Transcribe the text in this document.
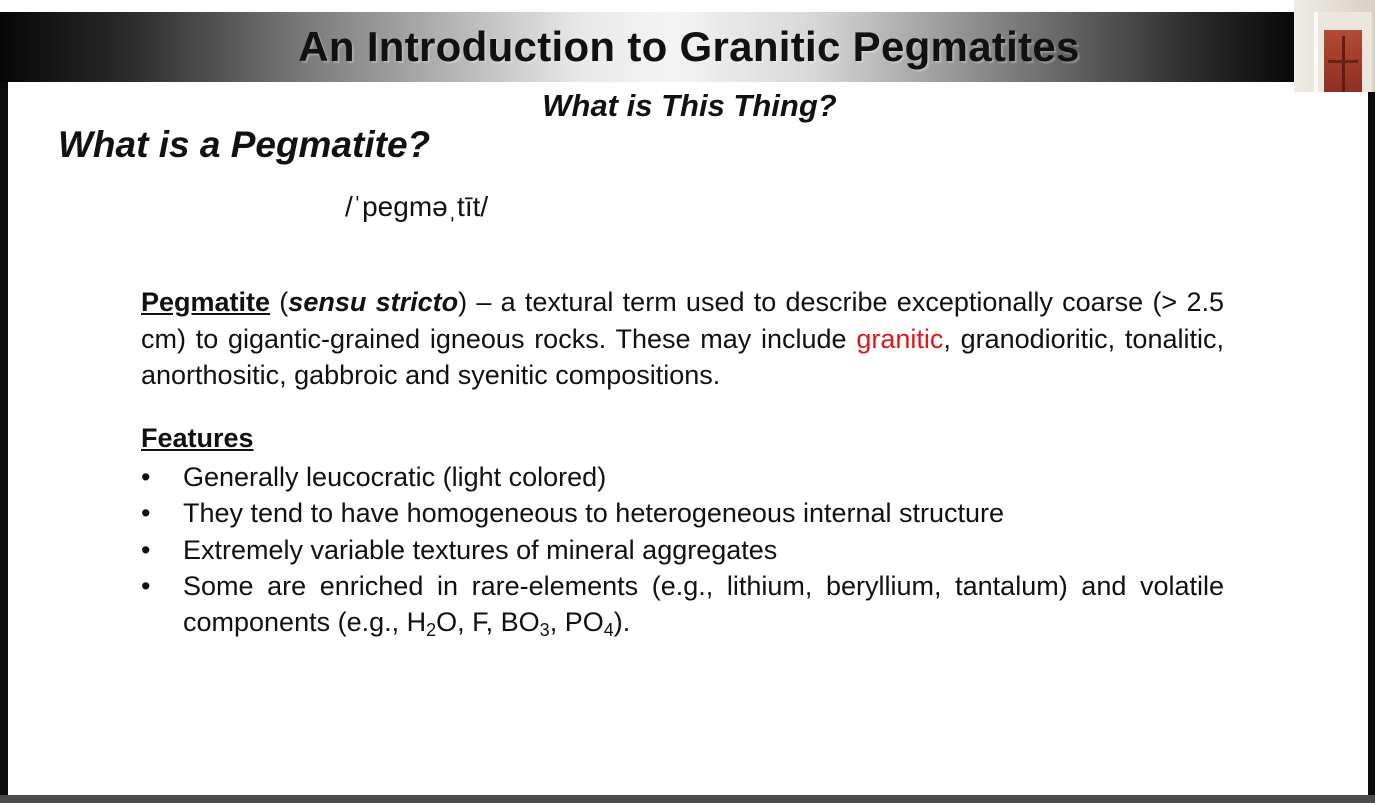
An Introduction to Granitic Pegmatites
What is This Thing?
What is a Pegmatite?
/ˈpegməˌtīt/
Pegmatite (sensu stricto) – a textural term used to describe exceptionally coarse (> 2.5 cm) to gigantic-grained igneous rocks. These may include granitic, granodioritic, tonalitic, anorthositic, gabbroic and syenitic compositions.
Features
• Generally leucocratic (light colored)
• They tend to have homogeneous to heterogeneous internal structure
• Extremely variable textures of mineral aggregates
• Some are enriched in rare-elements (e.g., lithium, beryllium, tantalum) and volatile components (e.g., $H_2O$, F, $BO_3$, $PO_4$).
